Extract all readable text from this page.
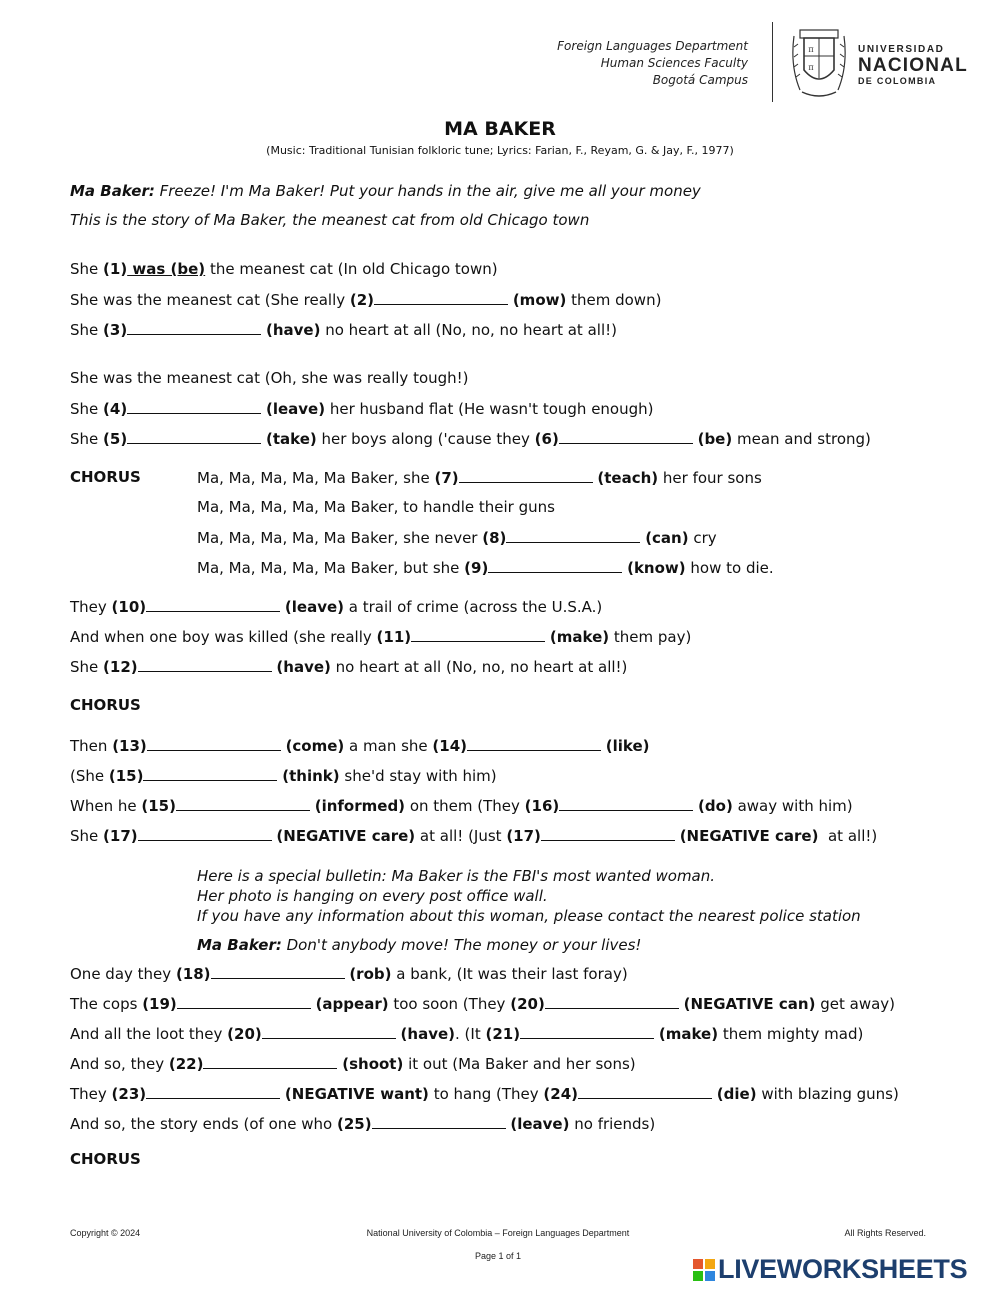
Foreign Languages Department
Human Sciences Faculty
Bogotá Campus
π
π
UNIVERSIDAD
NACIONAL
DE COLOMBIA
MA BAKER
(Music: Traditional Tunisian folkloric tune; Lyrics: Farian, F., Reyam, G. & Jay, F., 1977)
Ma Baker: Freeze! I'm Ma Baker! Put your hands in the air, give me all your money
This is the story of Ma Baker, the meanest cat from old Chicago town
She (1) was (be) the meanest cat (In old Chicago town)
She was the meanest cat (She really (2)	(mow) them down)
She (3)	(have) no heart at all (No, no, no heart at all!)
She was the meanest cat (Oh, she was really tough!)
She (4)	(leave) her husband flat (He wasn't tough enough)
She (5)	(take) her boys along ('cause they (6)	(be) mean and strong)
CHORUS	Ma, Ma, Ma, Ma, Ma Baker, she (7)	(teach) her four sons
Ma, Ma, Ma, Ma, Ma Baker, to handle their guns
Ma, Ma, Ma, Ma, Ma Baker, she never (8)	(can) cry
Ma, Ma, Ma, Ma, Ma Baker, but she (9)	(know) how to die.
They (10)	(leave) a trail of crime (across the U.S.A.)
And when one boy was killed (she really (11)	(make) them pay)
She (12)	(have) no heart at all (No, no, no heart at all!)
CHORUS
Then (13)	(come) a man she (14)	(like)
(She (15)	(think) she'd stay with him)
When he (15)	(informed) on them (They (16)	(do) away with him)
She (17)	(NEGATIVE care) at all! (Just (17)	(NEGATIVE care)  at all!)
Here is a special bulletin: Ma Baker is the FBI's most wanted woman.
Her photo is hanging on every post office wall.
If you have any information about this woman, please contact the nearest police station
Ma Baker: Don't anybody move! The money or your lives!
One day they (18)	(rob) a bank, (It was their last foray)
The cops (19)	(appear) too soon (They (20)	(NEGATIVE can) get away)
And all the loot they (20)	(have). (It (21)	(make) them mighty mad)
And so, they (22)	(shoot) it out (Ma Baker and her sons)
They (23)	(NEGATIVE want) to hang (They (24)	(die) with blazing guns)
And so, the story ends (of one who (25)	(leave) no friends)
CHORUS
Copyright © 2024	National University of Colombia – Foreign Languages Department	All Rights Reserved.
Page 1 of 1	LIVEWORKSHEETS
